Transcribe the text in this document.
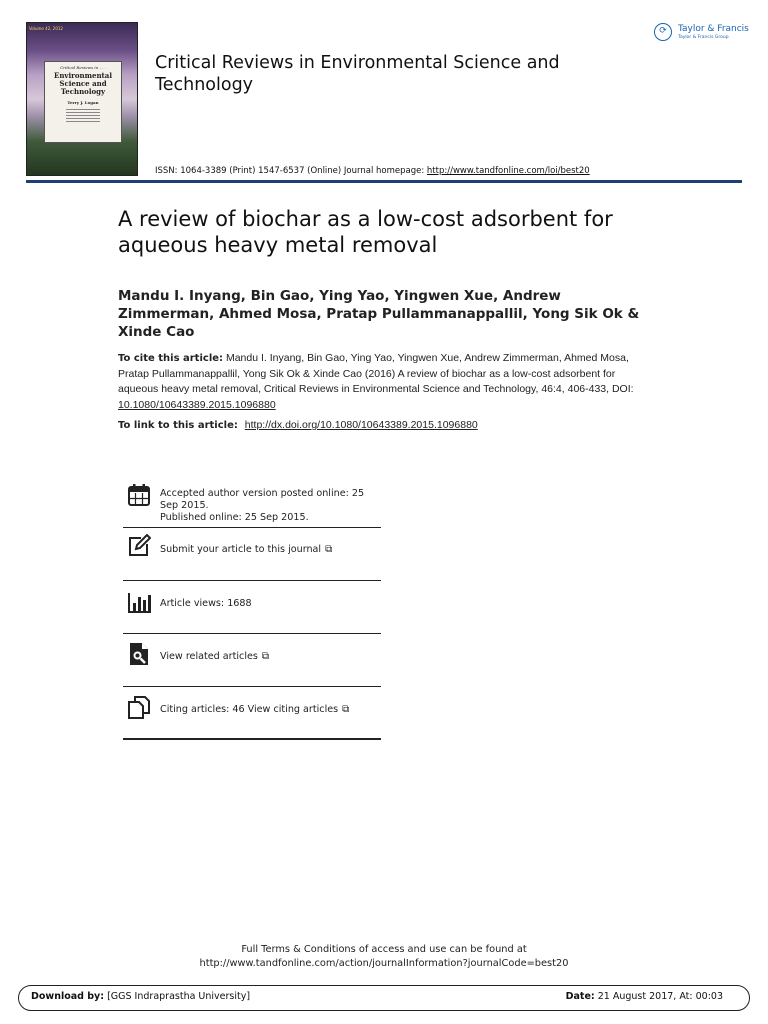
Volume 42, 2012
Critical Reviews in . . .
Environmental Science and Technology
Terry J. Logan
Critical Reviews in Environmental Science and Technology
⟳	Taylor & Francis
Taylor & Francis Group
ISSN: 1064-3389 (Print) 1547-6537 (Online) Journal homepage: http://www.tandfonline.com/loi/best20
A review of biochar as a low-cost adsorbent for aqueous heavy metal removal
Mandu I. Inyang, Bin Gao, Ying Yao, Yingwen Xue, Andrew Zimmerman, Ahmed Mosa, Pratap Pullammanappallil, Yong Sik Ok & Xinde Cao
To cite this article: Mandu I. Inyang, Bin Gao, Ying Yao, Yingwen Xue, Andrew Zimmerman, Ahmed Mosa, Pratap Pullammanappallil, Yong Sik Ok & Xinde Cao (2016) A review of biochar as a low-cost adsorbent for aqueous heavy metal removal, Critical Reviews in Environmental Science and Technology, 46:4, 406-433, DOI: 10.1080/10643389.2015.1096880
To link to this article: http://dx.doi.org/10.1080/10643389.2015.1096880
Accepted author version posted online: 25 Sep 2015.
Published online: 25 Sep 2015.
Submit your article to this journal ⧉
Article views: 1688
View related articles ⧉
Citing articles: 46 View citing articles ⧉
Full Terms & Conditions of access and use can be found at
http://www.tandfonline.com/action/journalInformation?journalCode=best20
Download by: [GGS Indraprastha University]	Date: 21 August 2017, At: 00:03
